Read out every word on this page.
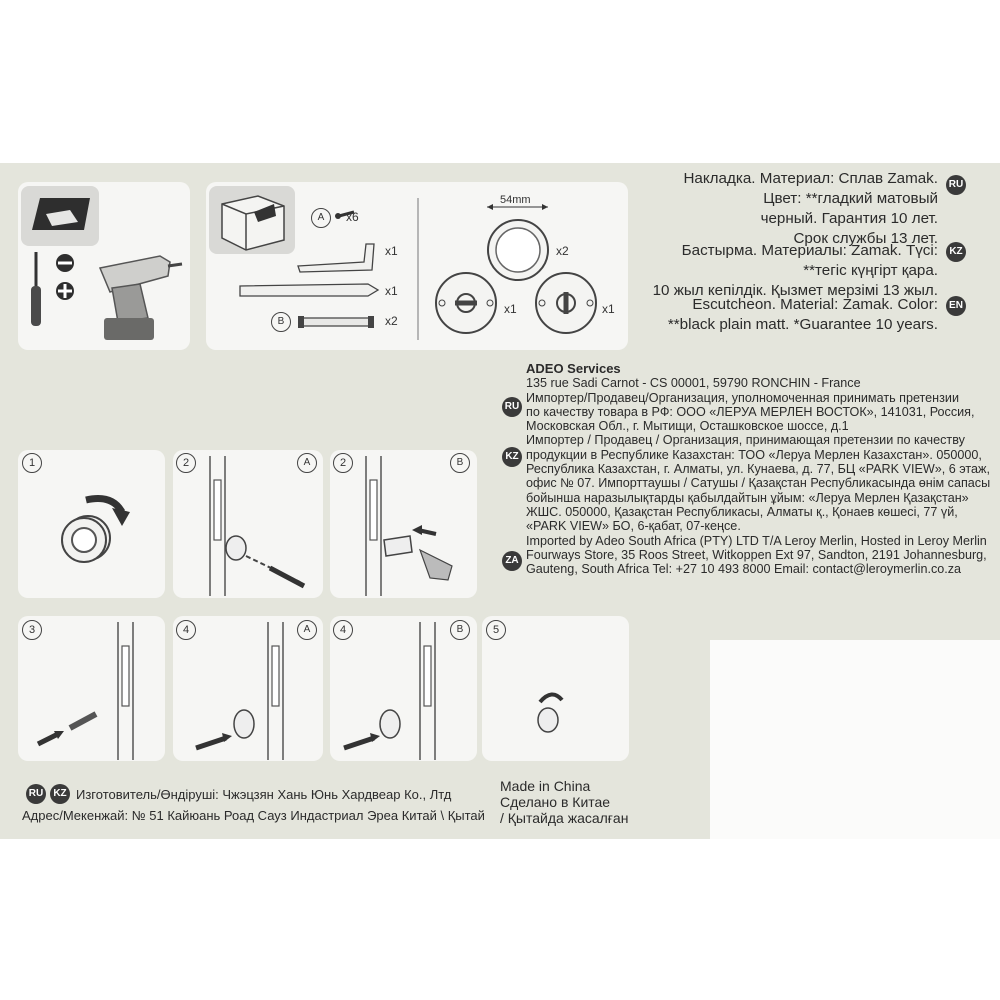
A	x6
x1
x1
B	x2
54mm
x2
x1	x1
Накладка. Материал: Сплав Zamak.
Цвет: **гладкий матовый
черный. Гарантия 10 лет.
Срок службы 13 лет.
Бастырма. Материалы: Zamak. Түсі:
**тегіс күңгірт қара.
10 жыл кепілдік. Қызмет мерзімі 13 жыл.
Escutcheon. Material: Zamak. Color:
**black plain matt. *Guarantee 10 years.
RU
KZ
EN
ADEO Services
135 rue Sadi Carnot - CS 00001, 59790 RONCHIN - France
Импортер/Продавец/Организация, уполномоченная принимать претензии
по качеству товара в РФ: ООО «ЛЕРУА МЕРЛЕН ВОСТОК», 141031, Россия,
Московская Обл., г. Мытищи, Осташковское шоссе, д.1
Импортер / Продавец / Организация, принимающая претензии по качеству
продукции в Республике Казахстан: ТОО «Леруа Мерлен Казахстан». 050000,
Республика Казахстан, г. Алматы, ул. Кунаева, д. 77, БЦ «PARK VIEW», 6 этаж,
офис № 07. Импорттаушы / Сатушы / Қазақстан Республикасында өнім сапасы
бойынша наразылықтарды қабылдайтын ұйым: «Леруа Мерлен Қазақстан»
ЖШС. 050000, Қазақстан Республикасы, Алматы қ., Қонаев көшесі, 77 үй,
«PARK VIEW» БО, 6-қабат, 07-кеңсе.
Imported by Adeo South Africa (PTY) LTD T/A Leroy Merlin, Hosted in Leroy Merlin
Fourways Store, 35 Roos Street, Witkoppen Ext 97, Sandton, 2191 Johannesburg,
Gauteng, South Africa Tel: +27 10 493 8000 Email: contact@leroymerlin.co.za
RU
KZ
ZA
1	2	A	2	B
3	4	A	4	B	5
RU	KZ Изготовитель/Өндіруші: Чжэцзян Хань Юнь Хардвеар Ко., Лтд
Адрес/Мекенжай: № 51 Кайюань Роад Сауз Индастриал Эреа Китай \ Қытай
Made in China
Сделано в Китае
/ Қытайда жасалған
